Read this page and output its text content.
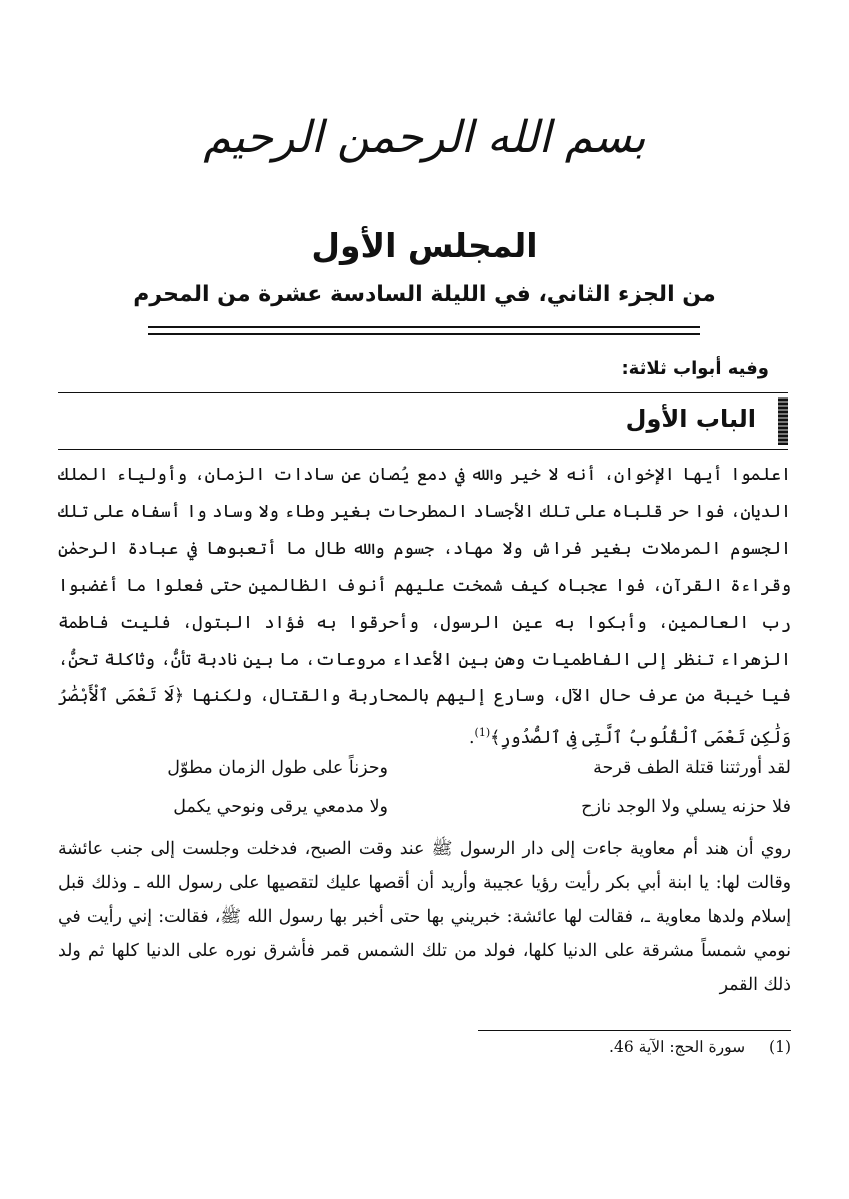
بسم الله الرحمن الرحيم
المجلس الأول
من الجزء الثاني، في الليلة السادسة عشرة من المحرم
وفيه أبواب ثلاثة:
الباب الأول
اعلموا أيها الإخوان، أنه لا خير والله في دمع يُصان عن سادات الزمان، وأولياء الملك الديان، فوا حر قلباه على تلك الأجساد المطرحات بغير وطاء ولا وساد وا أسفاه على تلك الجسوم المرملات بغير فراش ولا مهاد، جسوم والله طال ما أتعبوها في عبادة الرحمٰن وقراءة القرآن، فوا عجباه كيف شمخت عليهم أنوف الظالمين حتى فعلوا ما أغضبوا رب العالمين، وأبكوا به عين الرسول، وأحرقوا به فؤاد البتول، فليت فاطمة الزهراء تنظر إلى الفاطميات وهن بين الأعداء مروعات، ما بين نادبة تأنُّ، وثاكلة تحنُّ، فيا خيبة من عرف حال الآل، وسارع إليهم بالمحاربة والقتال، ولكنها ﴿لَا تَعْمَى ٱلْأَبْصَٰرُ وَلَٰكِن تَعْمَى ٱلْقُلُوبُ ٱلَّتِى فِى ٱلصُّدُورِ﴾$^{(1)}$.
لقد أورثتنا قتلة الطف قرحة
وحزناً على طول الزمان مطوّل
فلا حزنه يسلي ولا الوجد نازح
ولا مدمعي يرقى ونوحي يكمل
روي أن هند أم معاوية جاءت إلى دار الرسول ﷺ عند وقت الصبح، فدخلت وجلست إلى جنب عائشة وقالت لها: يا ابنة أبي بكر رأيت رؤيا عجيبة وأريد أن أقصها عليك لتقصيها على رسول الله ـ وذلك قبل إسلام ولدها معاوية ـ، فقالت لها عائشة: خبريني بها حتى أخبر بها رسول الله ﷺ، فقالت: إني رأيت في نومي شمساً مشرقة على الدنيا كلها، فولد من تلك الشمس قمر فأشرق نوره على الدنيا كلها ثم ولد ذلك القمر
(1)  سورة الحج: الآية 46.
